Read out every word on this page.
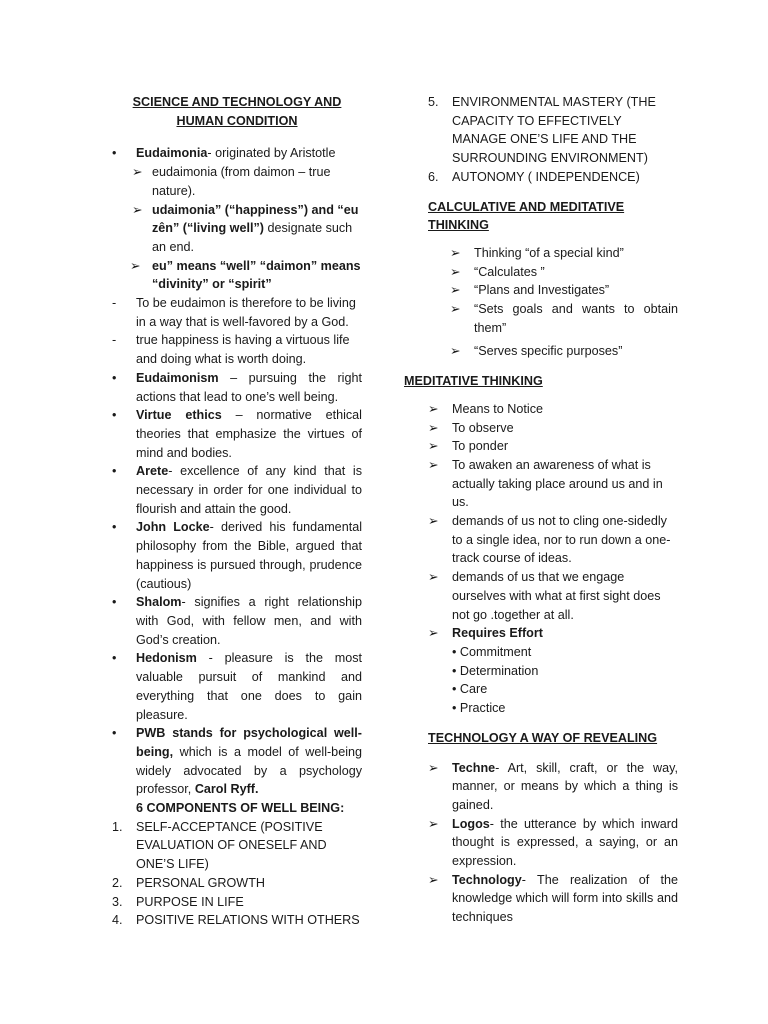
SCIENCE AND TECHNOLOGY AND HUMAN CONDITION

• Eudaimonia- originated by Aristotle
➢ eudaimonia (from daimon – true nature).
➢ udaimonia” (“happiness”) and “eu zên” (“living well”) designate such an end.
➢ eu” means “well” “daimon” means “divinity” or “spirit”
- To be eudaimon is therefore to be living in a way that is well-favored by a God.
- true happiness is having a virtuous life and doing what is worth doing.
• Eudaimonism – pursuing the right actions that lead to one’s well being.
• Virtue ethics – normative ethical theories that emphasize the virtues of mind and bodies.
• Arete- excellence of any kind that is necessary in order for one individual to flourish and attain the good.
• John Locke- derived his fundamental philosophy from the Bible, argued that happiness is pursued through, prudence (cautious)
• Shalom- signifies a right relationship with God, with fellow men, and with God’s creation.
• Hedonism - pleasure is the most valuable pursuit of mankind and everything that one does to gain pleasure.
• PWB stands for psychological well-being, which is a model of well-being widely advocated by a psychology professor, Carol Ryff.
6 COMPONENTS OF WELL BEING:
1. SELF-ACCEPTANCE (POSITIVE EVALUATION OF ONESELF AND ONE’S LIFE)
2. PERSONAL GROWTH
3. PURPOSE IN LIFE
4. POSITIVE RELATIONS WITH OTHERS
5. ENVIRONMENTAL MASTERY (THE CAPACITY TO EFFECTIVELY MANAGE ONE’S LIFE AND THE SURROUNDING ENVIRONMENT)
6. AUTONOMY ( INDEPENDENCE)

CALCULATIVE AND MEDITATIVE THINKING

➢ Thinking “of a special kind”
➢ “Calculates ”
➢ “Plans and Investigates”
➢ “Sets goals and wants to obtain them”
➢ “Serves specific purposes”

MEDITATIVE THINKING

➢ Means to Notice
➢ To observe
➢ To ponder
➢ To awaken an awareness of what is actually taking place around us and in us.
➢ demands of us not to cling one-sidedly to a single idea, nor to run down a one-track course of ideas.
➢ demands of us that we engage ourselves with what at first sight does not go .together at all.
➢ Requires Effort
• Commitment
• Determination
• Care
• Practice

TECHNOLOGY A WAY OF REVEALING

➢ Techne- Art, skill, craft, or the way, manner, or means by which a thing is gained.
➢ Logos- the utterance by which inward thought is expressed, a saying, or an expression.
➢ Technology- The realization of the knowledge which will form into skills and techniques
